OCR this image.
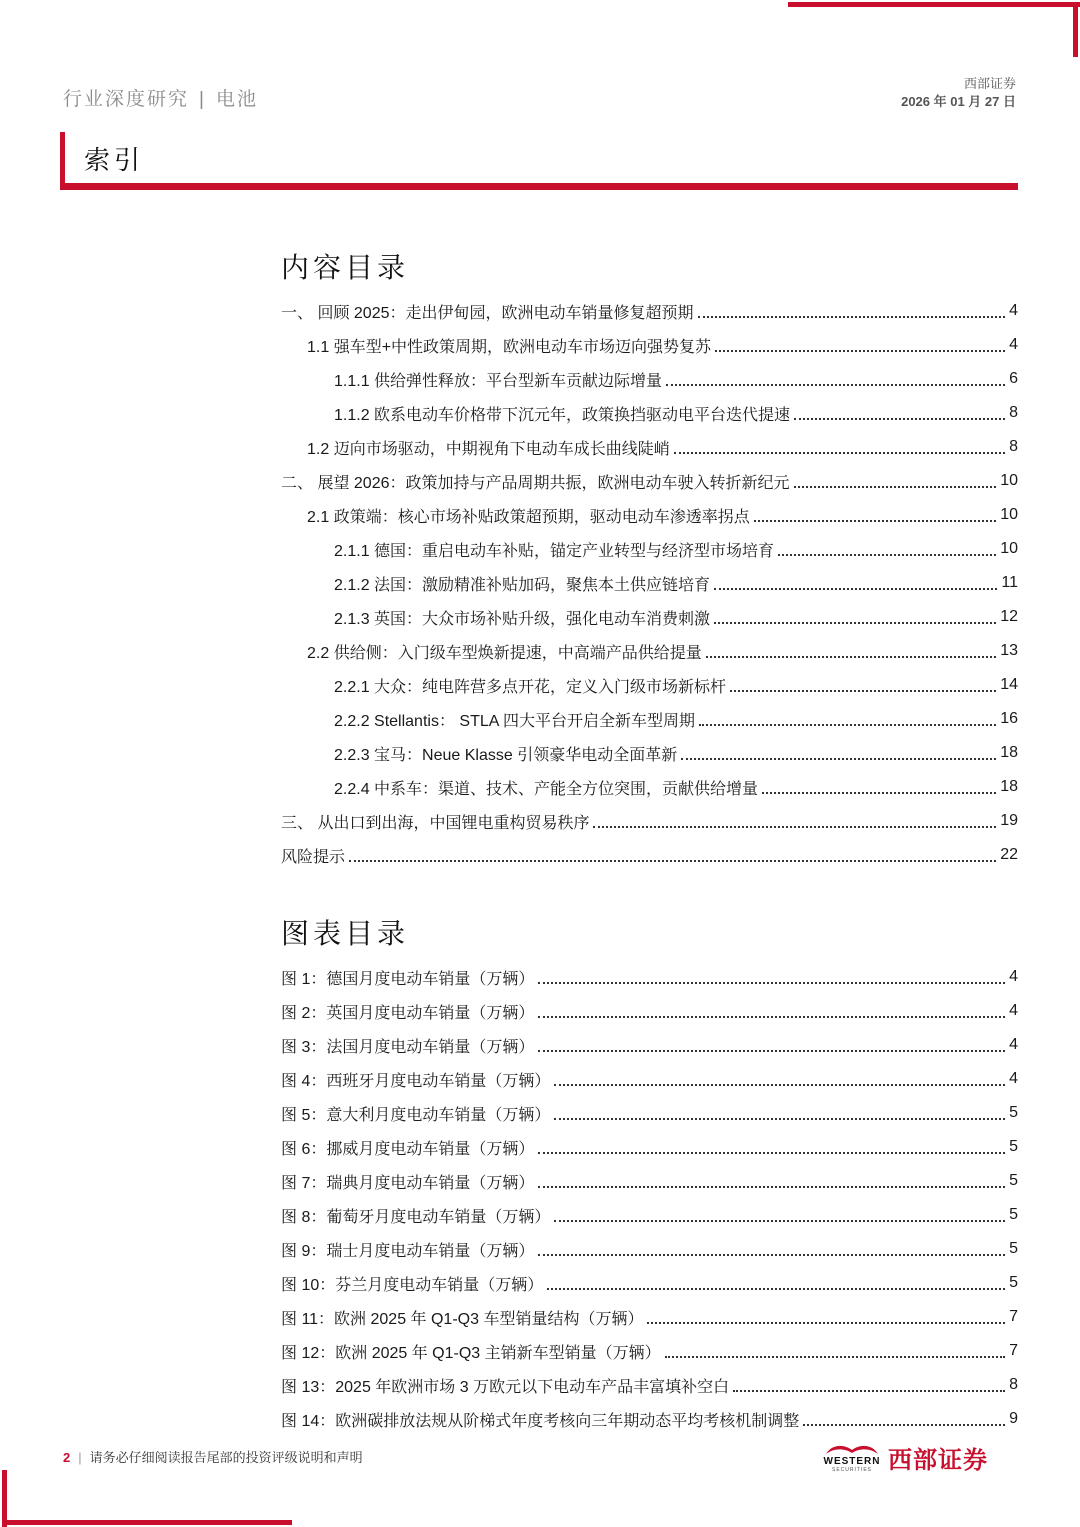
行业深度研究 | 电池
西部证券
2026 年 01 月 27 日
索引
内容目录
一、 回顾 2025：走出伊甸园，欧洲电动车销量修复超预期	4
1.1 强车型+中性政策周期，欧洲电动车市场迈向强势复苏	4
1.1.1 供给弹性释放：平台型新车贡献边际增量	6
1.1.2 欧系电动车价格带下沉元年，政策换挡驱动电平台迭代提速	8
1.2 迈向市场驱动，中期视角下电动车成长曲线陡峭	8
二、 展望 2026：政策加持与产品周期共振，欧洲电动车驶入转折新纪元	10
2.1 政策端：核心市场补贴政策超预期，驱动电动车渗透率拐点	10
2.1.1 德国：重启电动车补贴，锚定产业转型与经济型市场培育	10
2.1.2 法国：激励精准补贴加码，聚焦本土供应链培育	11
2.1.3 英国：大众市场补贴升级，强化电动车消费刺激	12
2.2 供给侧：入门级车型焕新提速，中高端产品供给提量	13
2.2.1 大众：纯电阵营多点开花，定义入门级市场新标杆	14
2.2.2 Stellantis： STLA 四大平台开启全新车型周期	16
2.2.3 宝马：Neue Klasse 引领豪华电动全面革新	18
2.2.4 中系车：渠道、技术、产能全方位突围，贡献供给增量	18
三、 从出口到出海，中国锂电重构贸易秩序	19
风险提示	22
图表目录
图 1：德国月度电动车销量（万辆）	4
图 2：英国月度电动车销量（万辆）	4
图 3：法国月度电动车销量（万辆）	4
图 4：西班牙月度电动车销量（万辆）	4
图 5：意大利月度电动车销量（万辆）	5
图 6：挪威月度电动车销量（万辆）	5
图 7：瑞典月度电动车销量（万辆）	5
图 8：葡萄牙月度电动车销量（万辆）	5
图 9：瑞士月度电动车销量（万辆）	5
图 10：芬兰月度电动车销量（万辆）	5
图 11：欧洲 2025 年 Q1-Q3 车型销量结构（万辆）	7
图 12：欧洲 2025 年 Q1-Q3 主销新车型销量（万辆）	7
图 13：2025 年欧洲市场 3 万欧元以下电动车产品丰富填补空白	8
图 14：欧洲碳排放法规从阶梯式年度考核向三年期动态平均考核机制调整	9
2 | 请务必仔细阅读报告尾部的投资评级说明和声明	WESTERN
SECURITIES 西部证券
